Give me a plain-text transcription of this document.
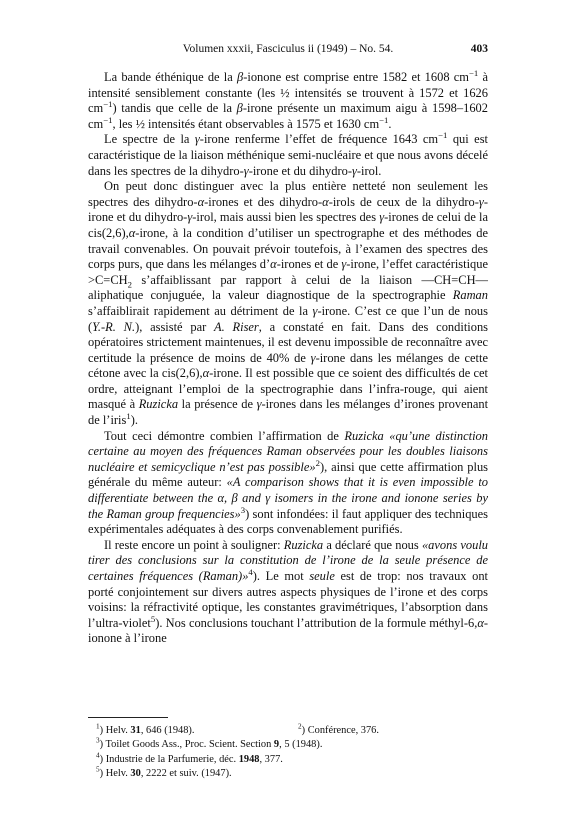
Volumen xxxii, Fasciculus ii (1949) – No. 54.	403

La bande éthénique de la β-ionone est comprise entre 1582 et 1608 $cm^{-1}$ à intensité sensiblement constante (les ½ intensités se trouvent à 1572 et 1626 $cm^{-1}$) tandis que celle de la β-irone présente un maximum aigu à 1598–1602 $cm^{-1}$, les ½ intensités étant observables à 1575 et 1630 $cm^{-1}$.

Le spectre de la γ-irone renferme l’effet de fréquence 1643 $cm^{-1}$ qui est caractéristique de la liaison méthénique semi-nucléaire et que nous avons décelé dans les spectres de la dihydro-γ-irone et du dihydro-γ-irol.

On peut donc distinguer avec la plus entière netteté non seulement les spectres des dihydro-α-irones et des dihydro-α-irols de ceux de la dihydro-γ-irone et du dihydro-γ-irol, mais aussi bien les spectres des γ-irones de celui de la cis(2,6),α-irone, à la condition d’utiliser un spectrographe et des méthodes de travail convenables. On pouvait prévoir toutefois, à l’examen des spectres des corps purs, que dans les mélanges d’α-irones et de γ-irone, l’effet caractéristique $>C=CH_2$ s’affaiblissant par rapport à celui de la liaison —CH=CH— aliphatique conjuguée, la valeur diagnostique de la spectrographie Raman s’affaiblirait rapidement au détriment de la γ-irone. C’est ce que l’un de nous (Y.-R. N.), assisté par A. Riser, a constaté en fait. Dans des conditions opératoires strictement maintenues, il est devenu impossible de reconnaître avec certitude la présence de moins de 40% de γ-irone dans les mélanges de cette cétone avec la cis(2,6),α-irone. Il est possible que ce soient des difficultés de cet ordre, atteignant l’emploi de la spectrographie dans l’infra-rouge, qui aient masqué à Ruzicka la présence de γ-irones dans les mélanges d’irones provenant de l’iris$^1$).

Tout ceci démontre combien l’affirmation de Ruzicka «qu’une distinction certaine au moyen des fréquences Raman observées pour les doubles liaisons nucléaire et semicyclique n’est pas possible»$^2$), ainsi que cette affirmation plus générale du même auteur: «A comparison shows that it is even impossible to differentiate between the α, β and γ isomers in the irone and ionone series by the Raman group frequencies»$^3$) sont infondées: il faut appliquer des techniques expérimentales adéquates à des corps convenablement purifiés.

Il reste encore un point à souligner: Ruzicka a déclaré que nous «avons voulu tirer des conclusions sur la constitution de l’irone de la seule présence de certaines fréquences (Raman)»$^4$). Le mot seule est de trop: nos travaux ont porté conjointement sur divers autres aspects physiques de l’irone et des corps voisins: la réfractivité optique, les constantes gravimétriques, l’absorption dans l’ultra-violet$^5$). Nos conclusions touchant l’attribution de la formule méthyl-6,α-ionone à l’irone

$^1$) Helv. 31, 646 (1948).	$^2$) Conférence, 376.
$^3$) Toilet Goods Ass., Proc. Scient. Section 9, 5 (1948).
$^4$) Industrie de la Parfumerie, déc. 1948, 377.
$^5$) Helv. 30, 2222 et suiv. (1947).
